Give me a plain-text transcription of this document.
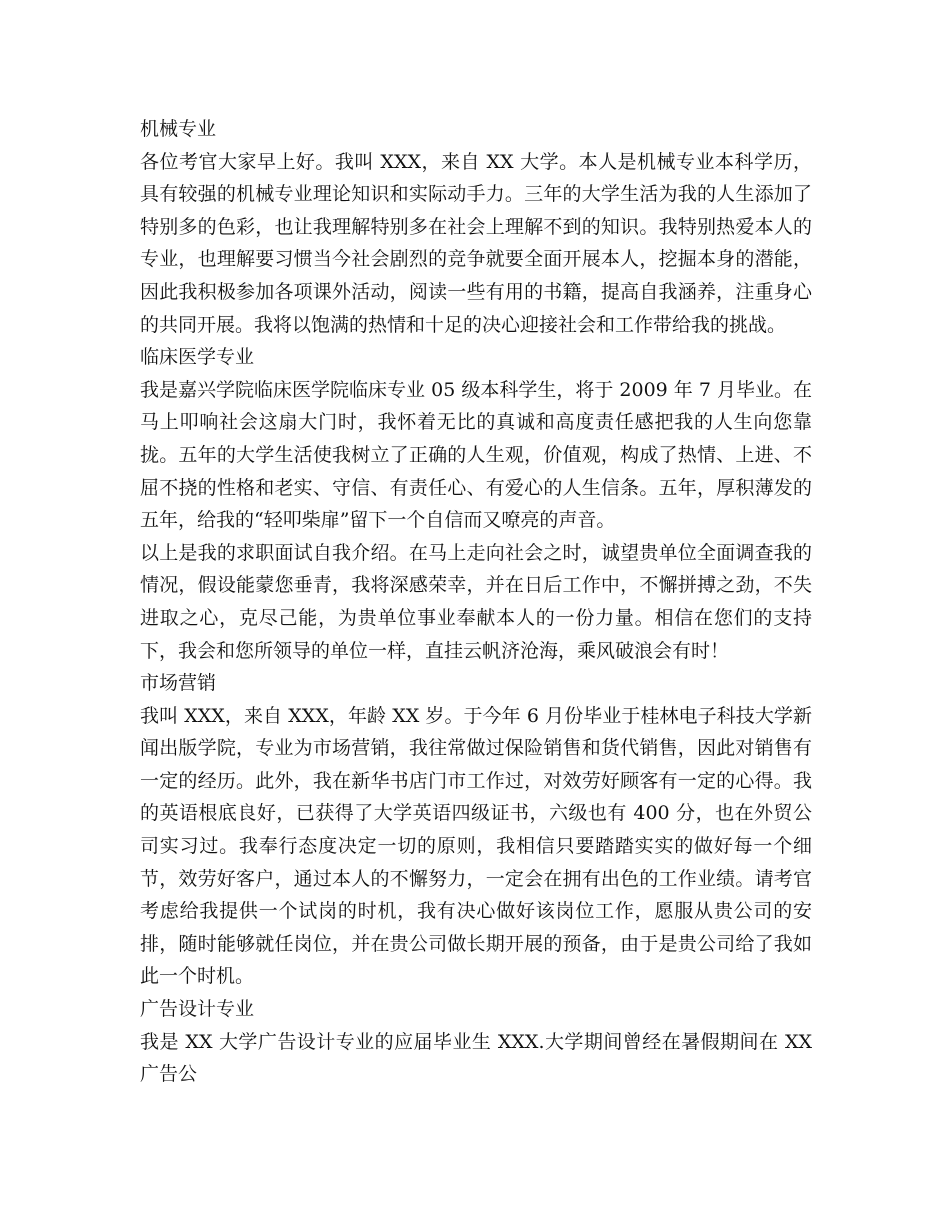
机械专业
各位考官大家早上好。我叫 XXX，来自 XX 大学。本人是机械专业本科学历，具有较强的机械专业理论知识和实际动手力。三年的大学生活为我的人生添加了特别多的色彩，也让我理解特别多在社会上理解不到的知识。我特别热爱本人的专业，也理解要习惯当今社会剧烈的竞争就要全面开展本人，挖掘本身的潜能，因此我积极参加各项课外活动，阅读一些有用的书籍，提高自我涵养，注重身心的共同开展。我将以饱满的热情和十足的决心迎接社会和工作带给我的挑战。
临床医学专业
我是嘉兴学院临床医学院临床专业 05 级本科学生，将于 2009 年 7 月毕业。在马上叩响社会这扇大门时，我怀着无比的真诚和高度责任感把我的人生向您靠拢。五年的大学生活使我树立了正确的人生观，价值观，构成了热情、上进、不屈不挠的性格和老实、守信、有责任心、有爱心的人生信条。五年，厚积薄发的五年，给我的“轻叩柴扉”留下一个自信而又嘹亮的声音。
以上是我的求职面试自我介绍。在马上走向社会之时，诚望贵单位全面调查我的情况，假设能蒙您垂青，我将深感荣幸，并在日后工作中，不懈拼搏之劲，不失进取之心，克尽己能，为贵单位事业奉献本人的一份力量。相信在您们的支持下，我会和您所领导的单位一样，直挂云帆济沧海，乘风破浪会有时！
市场营销
我叫 XXX，来自 XXX，年龄 XX 岁。于今年 6 月份毕业于桂林电子科技大学新闻出版学院，专业为市场营销，我往常做过保险销售和货代销售，因此对销售有一定的经历。此外，我在新华书店门市工作过，对效劳好顾客有一定的心得。我的英语根底良好，已获得了大学英语四级证书，六级也有 400 分，也在外贸公司实习过。我奉行态度决定一切的原则，我相信只要踏踏实实的做好每一个细节，效劳好客户，通过本人的不懈努力，一定会在拥有出色的工作业绩。请考官考虑给我提供一个试岗的时机，我有决心做好该岗位工作，愿服从贵公司的安排，随时能够就任岗位，并在贵公司做长期开展的预备，由于是贵公司给了我如此一个时机。
广告设计专业
我是 XX 大学广告设计专业的应届毕业生 XXX.大学期间曾经在暑假期间在 XX 广告公
